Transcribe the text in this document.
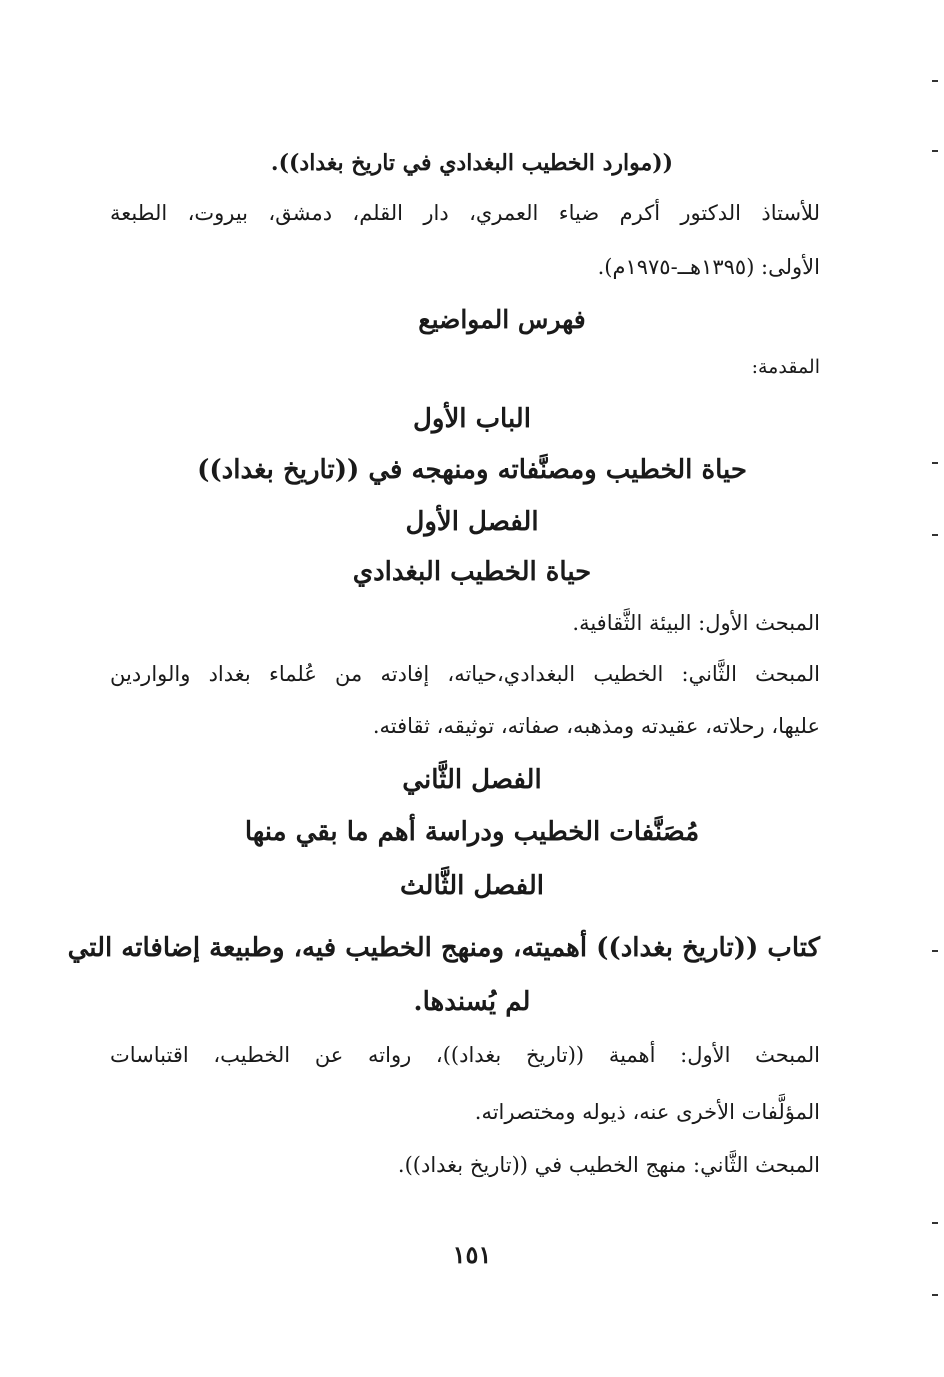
((موارد الخطيب البغدادي في تاريخ بغداد)).
للأستاذ الدكتور أكرم ضياء العمري، دار القلم، دمشق، بيروت، الطبعة
الأولى: (١٣٩٥هــ-١٩٧٥م).
فهرس المواضيع
المقدمة:
الباب الأول
حياة الخطيب ومصنَّفاته ومنهجه في ((تاريخ بغداد))
الفصل الأول
حياة الخطيب البغدادي
المبحث الأول: البيئة الثَّقافية.
المبحث الثَّاني: الخطيب البغدادي،حياته، إفادته من عُلماء بغداد والواردين
عليها، رحلاته، عقيدته ومذهبه، صفاته، توثيقه، ثقافته.
الفصل الثَّاني
مُصَنَّفات الخطيب ودراسة أهم ما بقي منها
الفصل الثَّالث
كتاب ((تاريخ بغداد)) أهميته، ومنهج الخطيب فيه، وطبيعة إضافاته التي
لم يُسندها.
المبحث الأول: أهمية ((تاريخ بغداد))، رواته عن الخطيب، اقتباسات
المؤلَّفات الأخرى عنه، ذيوله ومختصراته.
المبحث الثَّاني: منهج الخطيب في ((تاريخ بغداد)).
١٥١
